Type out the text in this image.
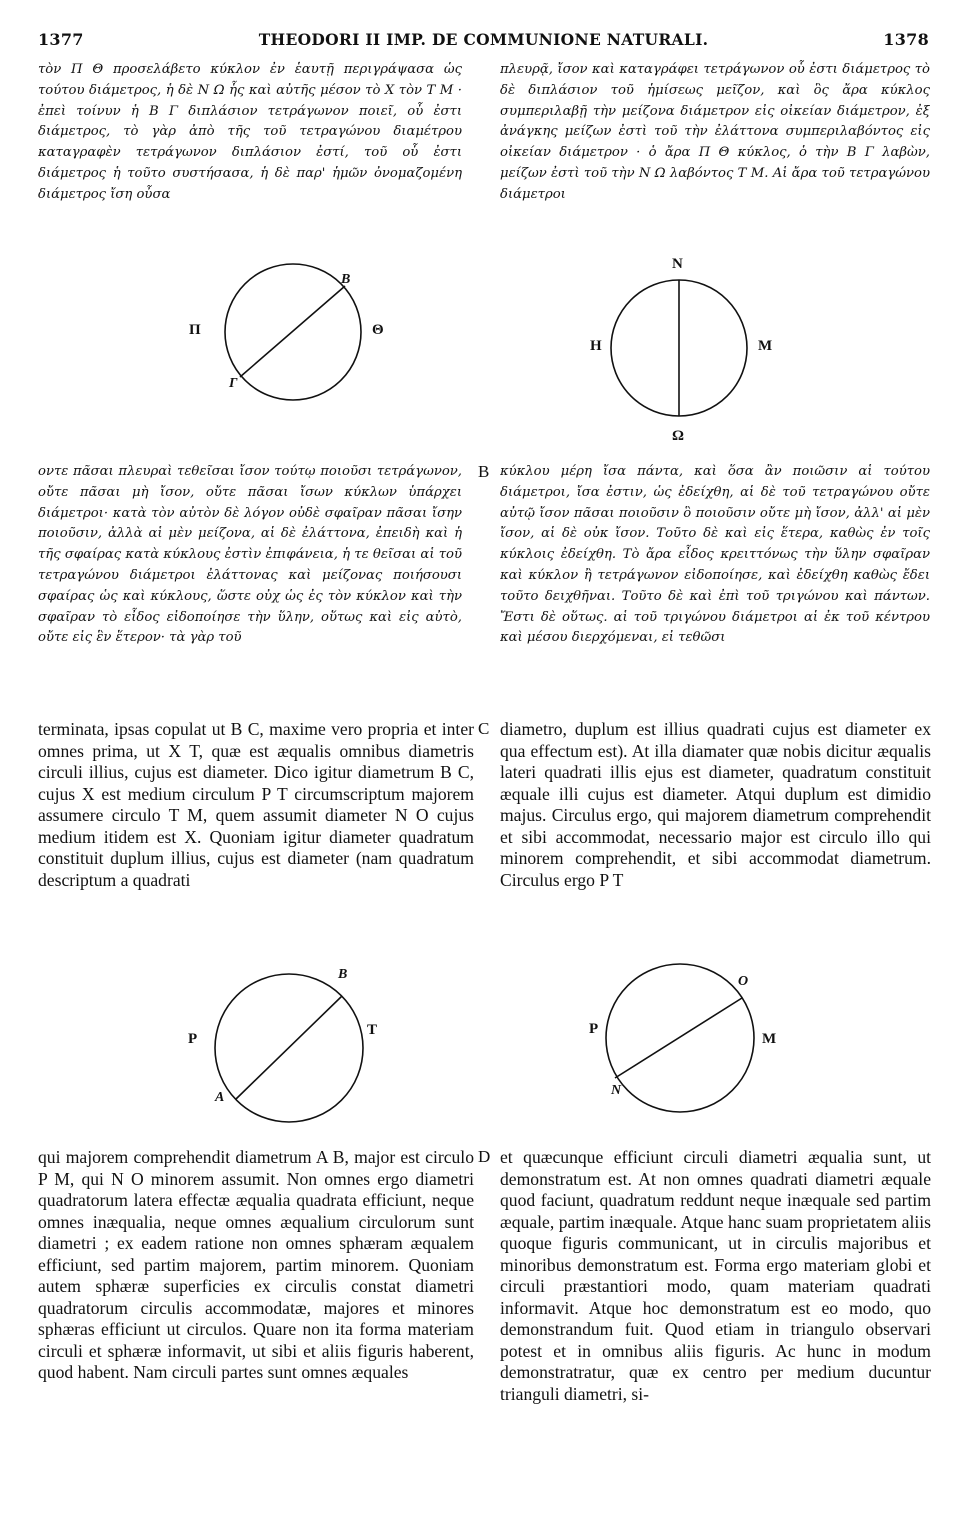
1377	THEODORI II IMP. DE COMMUNIONE NATURALI.	1378

τὸν Π Θ προσελάβετο κύκλον ἐν ἑαυτῇ περιγράψασα ὡς τούτου διάμετρος, ἡ δὲ Ν Ω ἧς καὶ αὐτῆς μέσον τὸ Χ τὸν Τ Μ · ἐπεὶ τοίνυν ἡ Β Γ διπλάσιον τετράγωνον ποιεῖ, οὗ ἐστι διάμετρος, τὸ γὰρ ἀπὸ τῆς τοῦ τετραγώνου διαμέτρου καταγραφὲν τετράγωνον διπλάσιον ἐστί, τοῦ οὗ ἐστι διάμετρος ἡ τοῦτο συστήσασα, ἡ δὲ παρ' ἡμῶν ὀνομαζομένη διάμετρος ἴση οὖσα

πλευρᾷ, ἴσον καὶ καταγράφει τετράγωνον οὗ ἐστι διάμετρος τὸ δὲ διπλάσιον τοῦ ἡμίσεως μεῖζον, καὶ ὃς ἄρα κύκλος συμπεριλαβῇ τὴν μείζονα διάμετρον εἰς οἰκείαν διάμετρον, ἐξ ἀνάγκης μείζων ἐστὶ τοῦ τὴν ἐλάττονα συμπεριλαβόντος εἰς οἰκείαν διάμετρον · ὁ ἄρα Π Θ κύκλος, ὁ τὴν Β Γ λαβὼν, μείζων ἐστὶ τοῦ τὴν Ν Ω λαβόντος Τ Μ. Αἱ ἄρα τοῦ τετραγώνου διάμετροι

Π	Θ
Β
Γ
Ν
Ω
Η	Μ

οντε πᾶσαι πλευραὶ τεθεῖσαι ἴσον τούτῳ ποιοῦσι τετράγωνον, οὔτε πᾶσαι μὴ ἴσον, οὔτε πᾶσαι ἴσων κύκλων ὑπάρχει διάμετροι· κατὰ τὸν αὐτὸν δὲ λόγον οὐδὲ σφαῖραν πᾶσαι ἴσην ποιοῦσιν, ἀλλὰ αἱ μὲν μείζονα, αἱ δὲ ἐλάττονα, ἐπειδὴ καὶ ἡ τῆς σφαίρας κατὰ κύκλους ἐστὶν ἐπιφάνεια, ἡ τε θεῖσαι αἱ τοῦ τετραγώνου διάμετροι ἐλάττονας καὶ μείζονας ποιήσουσι σφαίρας ὡς καὶ κύκλους, ὥστε οὐχ ὡς ἐς τὸν κύκλον καὶ τὴν σφαῖραν τὸ εἶδος εἰδοποίησε τὴν ὕλην, οὕτως καὶ εἰς αὐτὸ, οὔτε εἰς ἓν ἕτερον· τὰ γὰρ τοῦ

B κύκλου μέρη ἴσα πάντα, καὶ ὅσα ἂν ποιῶσιν αἱ τούτου διάμετροι, ἴσα ἐστιν, ὡς ἐδείχθη, αἱ δὲ τοῦ τετραγώνου οὔτε αὐτῷ ἴσον πᾶσαι ποιοῦσιν ὃ ποιοῦσιν οὔτε μὴ ἴσον, ἀλλ' αἱ μὲν ἴσον, αἱ δὲ οὐκ ἴσον. Τοῦτο δὲ καὶ εἰς ἕτερα, καθὼς ἐν τοῖς κύκλοις ἐδείχθη. Τὸ ἄρα εἶδος κρειττόνως τὴν ὕλην σφαῖραν καὶ κύκλον ἢ τετράγωνον εἰδοποίησε, καὶ ἐδείχθη καθὼς ἔδει τοῦτο δειχθῆναι. Τοῦτο δὲ καὶ ἐπὶ τοῦ τριγώνου καὶ πάντων. Ἔστι δὲ οὕτως. αἱ τοῦ τριγώνου διάμετροι αἱ ἐκ τοῦ κέντρου καὶ μέσου διερχόμεναι, εἰ τεθῶσι

terminata, ipsas copulat ut B C, maxime vero propria et inter omnes prima, ut X T, quæ est æqualis omnibus diametris circuli illius, cujus est diameter. Dico igitur diametrum B C, cujus X est medium circulum P T circumscriptum majorem assumere circulo T M, quem assumit diameter N O cujus medium itidem est X. Quoniam igitur diameter quadratum constituit duplum illius, cujus est diameter (nam quadratum descriptum a quadrati

C diametro, duplum est illius quadrati cujus est diameter ex qua effectum est). At illa diamater quæ nobis dicitur æqualis lateri quadrati illis ejus est diameter, quadratum constituit æquale illi cujus est diameter. Atqui duplum est dimidio majus. Circulus ergo, qui majorem diametrum comprehendit et sibi accommodat, necessario major est circulo illo qui minorem comprehendit, et sibi accommodat diametrum. Circulus ergo P T

P
T
B
A
P
M
O
N

qui majorem comprehendit diametrum A B, major est circulo P M, qui N O minorem assumit. Non omnes ergo diametri quadratorum latera effectæ æqualia quadrata efficiunt, neque omnes inæqualia, neque omnes æqualium circulorum sunt diametri ; ex eadem ratione non omnes sphæram æqualem efficiunt, sed partim majorem, partim minorem. Quoniam autem sphæræ superficies ex circulis constat diametri quadratorum circulis accommodatæ, majores et minores sphæras efficiunt ut circulos. Quare non ita forma materiam circuli et sphæræ informavit, ut sibi et aliis figuris haberent, quod habent. Nam circuli partes sunt omnes æquales

D et quæcunque efficiunt circuli diametri æqualia sunt, ut demonstratum est. At non omnes quadrati diametri æquale quod faciunt, quadratum reddunt neque inæquale sed partim æquale, partim inæquale. Atque hanc suam proprietatem aliis quoque figuris communicant, ut in circulis majoribus et minoribus demonstratum est. Forma ergo materiam globi et circuli præstantiori modo, quam materiam quadrati informavit. Atque hoc demonstratum est eo modo, quo demonstrandum fuit. Quod etiam in triangulo observari potest et in omnibus aliis figuris. Ac hunc in modum demonstratratur, quæ ex centro per medium ducuntur trianguli diametri, si-
